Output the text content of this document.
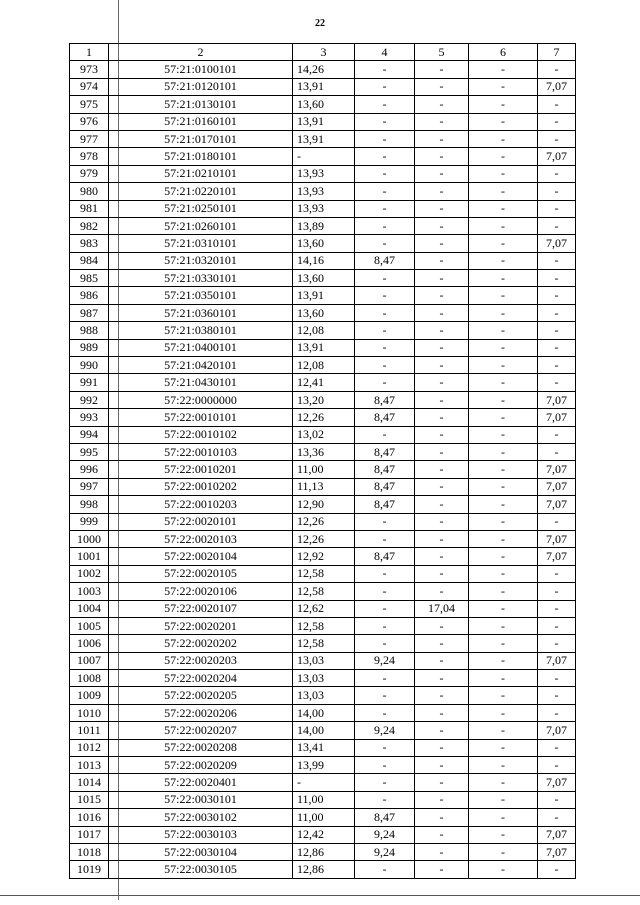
22
1	2	3	4	5	6	7
973	57:21:0100101	14,26	-	-	-	-
974	57:21:0120101	13,91	-	-	-	7,07
975	57:21:0130101	13,60	-	-	-	-
976	57:21:0160101	13,91	-	-	-	-
977	57:21:0170101	13,91	-	-	-	-
978	57:21:0180101	-	-	-	-	7,07
979	57:21:0210101	13,93	-	-	-	-
980	57:21:0220101	13,93	-	-	-	-
981	57:21:0250101	13,93	-	-	-	-
982	57:21:0260101	13,89	-	-	-	-
983	57:21:0310101	13,60	-	-	-	7,07
984	57:21:0320101	14,16	8,47	-	-	-
985	57:21:0330101	13,60	-	-	-	-
986	57:21:0350101	13,91	-	-	-	-
987	57:21:0360101	13,60	-	-	-	-
988	57:21:0380101	12,08	-	-	-	-
989	57:21:0400101	13,91	-	-	-	-
990	57:21:0420101	12,08	-	-	-	-
991	57:21:0430101	12,41	-	-	-	-
992	57:22:0000000	13,20	8,47	-	-	7,07
993	57:22:0010101	12,26	8,47	-	-	7,07
994	57:22:0010102	13,02	-	-	-	-
995	57:22:0010103	13,36	8,47	-	-	-
996	57:22:0010201	11,00	8,47	-	-	7,07
997	57:22:0010202	11,13	8,47	-	-	7,07
998	57:22:0010203	12,90	8,47	-	-	7,07
999	57:22:0020101	12,26	-	-	-	-
1000	57:22:0020103	12,26	-	-	-	7,07
1001	57:22:0020104	12,92	8,47	-	-	7,07
1002	57:22:0020105	12,58	-	-	-	-
1003	57:22:0020106	12,58	-	-	-	-
1004	57:22:0020107	12,62	-	17,04	-	-
1005	57:22:0020201	12,58	-	-	-	-
1006	57:22:0020202	12,58	-	-	-	-
1007	57:22:0020203	13,03	9,24	-	-	7,07
1008	57:22:0020204	13,03	-	-	-	-
1009	57:22:0020205	13,03	-	-	-	-
1010	57:22:0020206	14,00	-	-	-	-
1011	57:22:0020207	14,00	9,24	-	-	7,07
1012	57:22:0020208	13,41	-	-	-	-
1013	57:22:0020209	13,99	-	-	-	-
1014	57:22:0020401	-	-	-	-	7,07
1015	57:22:0030101	11,00	-	-	-	-
1016	57:22:0030102	11,00	8,47	-	-	-
1017	57:22:0030103	12,42	9,24	-	-	7,07
1018	57:22:0030104	12,86	9,24	-	-	7,07
1019	57:22:0030105	12,86	-	-	-	-
